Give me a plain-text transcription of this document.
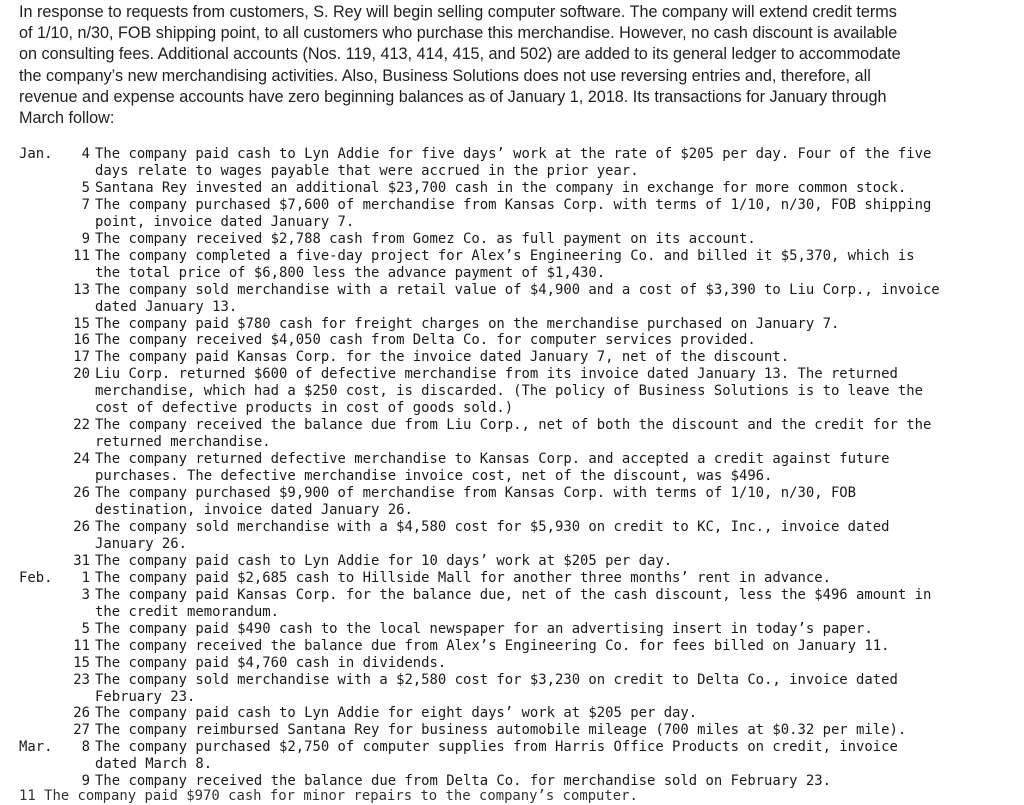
In response to requests from customers, S. Rey will begin selling computer software. The company will extend credit terms
of 1/10, n/30, FOB shipping point, to all customers who purchase this merchandise. However, no cash discount is available
on consulting fees. Additional accounts (Nos. 119, 413, 414, 415, and 502) are added to its general ledger to accommodate
the company’s new merchandising activities. Also, Business Solutions does not use reversing entries and, therefore, all
revenue and expense accounts have zero beginning balances as of January 1, 2018. Its transactions for January through
March follow:
Jan.	4 The company paid cash to Lyn Addie for five days’ work at the rate of $205 per day. Four of the five
days relate to wages payable that were accrued in the prior year.
5 Santana Rey invested an additional $23,700 cash in the company in exchange for more common stock.
7 The company purchased $7,600 of merchandise from Kansas Corp. with terms of 1/10, n/30, FOB shipping
point, invoice dated January 7.
9 The company received $2,788 cash from Gomez Co. as full payment on its account.
11 The company completed a five-day project for Alex’s Engineering Co. and billed it $5,370, which is
the total price of $6,800 less the advance payment of $1,430.
13 The company sold merchandise with a retail value of $4,900 and a cost of $3,390 to Liu Corp., invoice
dated January 13.
15 The company paid $780 cash for freight charges on the merchandise purchased on January 7.
16 The company received $4,050 cash from Delta Co. for computer services provided.
17 The company paid Kansas Corp. for the invoice dated January 7, net of the discount.
20 Liu Corp. returned $600 of defective merchandise from its invoice dated January 13. The returned
merchandise, which had a $250 cost, is discarded. (The policy of Business Solutions is to leave the
cost of defective products in cost of goods sold.)
22 The company received the balance due from Liu Corp., net of both the discount and the credit for the
returned merchandise.
24 The company returned defective merchandise to Kansas Corp. and accepted a credit against future
purchases. The defective merchandise invoice cost, net of the discount, was $496.
26 The company purchased $9,900 of merchandise from Kansas Corp. with terms of 1/10, n/30, FOB
destination, invoice dated January 26.
26 The company sold merchandise with a $4,580 cost for $5,930 on credit to KC, Inc., invoice dated
January 26.
31 The company paid cash to Lyn Addie for 10 days’ work at $205 per day.
Feb.	1 The company paid $2,685 cash to Hillside Mall for another three months’ rent in advance.
3 The company paid Kansas Corp. for the balance due, net of the cash discount, less the $496 amount in
the credit memorandum.
5 The company paid $490 cash to the local newspaper for an advertising insert in today’s paper.
11 The company received the balance due from Alex’s Engineering Co. for fees billed on January 11.
15 The company paid $4,760 cash in dividends.
23 The company sold merchandise with a $2,580 cost for $3,230 on credit to Delta Co., invoice dated
February 23.
26 The company paid cash to Lyn Addie for eight days’ work at $205 per day.
27 The company reimbursed Santana Rey for business automobile mileage (700 miles at $0.32 per mile).
Mar.	8 The company purchased $2,750 of computer supplies from Harris Office Products on credit, invoice
dated March 8.
9 The company received the balance due from Delta Co. for merchandise sold on February 23.
11 The company paid $970 cash for minor repairs to the company’s computer.
